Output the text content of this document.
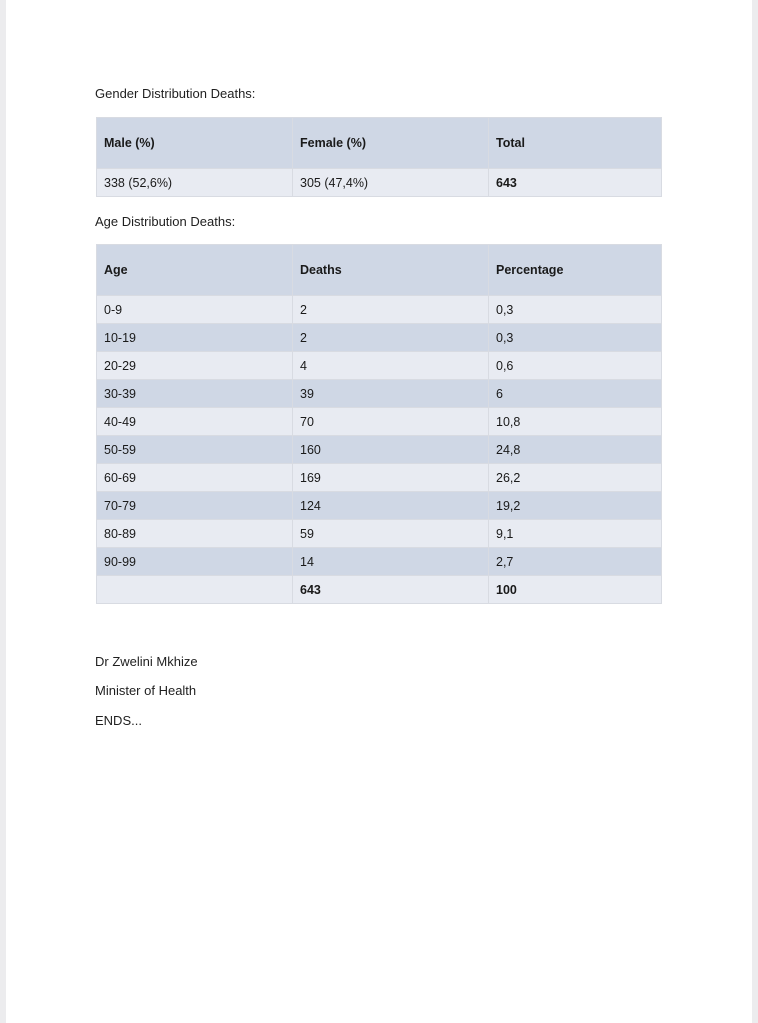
Gender Distribution Deaths:
Male (%)	Female (%)	Total
338 (52,6%)	305 (47,4%)	643
Age Distribution Deaths:
Age	Deaths	Percentage
0-9	2	0,3
10-19	2	0,3
20-29	4	0,6
30-39	39	6
40-49	70	10,8
50-59	160	24,8
60-69	169	26,2
70-79	124	19,2
80-89	59	9,1
90-99	14	2,7
	643	100
Dr Zwelini Mkhize
Minister of Health
ENDS...
